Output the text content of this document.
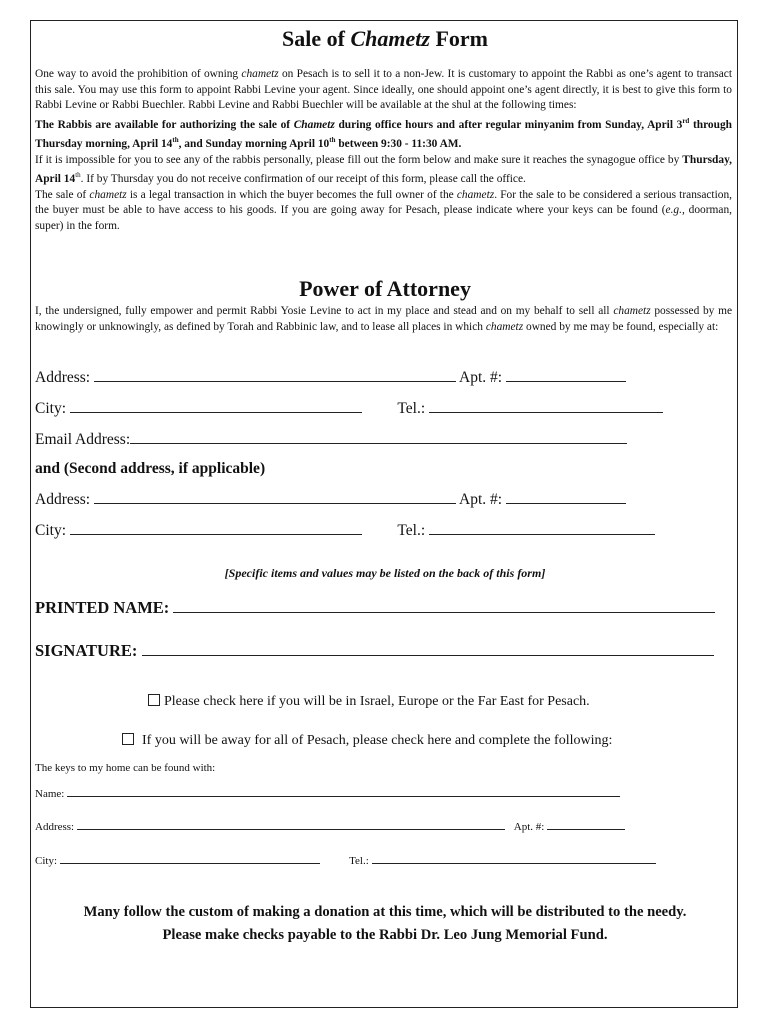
Sale of Chametz Form
One way to avoid the prohibition of owning chametz on Pesach is to sell it to a non-Jew. It is customary to appoint the Rabbi as one’s agent to transact this sale. You may use this form to appoint Rabbi Levine your agent. Since ideally, one should appoint one’s agent directly, it is best to give this form to Rabbi Levine or Rabbi Buechler. Rabbi Levine and Rabbi Buechler will be available at the shul at the following times:
The Rabbis are available for authorizing the sale of Chametz during office hours and after regular minyanim from Sunday, April 3rd through Thursday morning, April 14th, and Sunday morning April 10th between 9:30 - 11:30 AM.
If it is impossible for you to see any of the rabbis personally, please fill out the form below and make sure it reaches the synagogue office by Thursday, April 14th. If by Thursday you do not receive confirmation of our receipt of this form, please call the office.
The sale of chametz is a legal transaction in which the buyer becomes the full owner of the chametz. For the sale to be considered a serious transaction, the buyer must be able to have access to his goods. If you are going away for Pesach, please indicate where your keys can be found (e.g., doorman, super) in the form.
Power of Attorney
I, the undersigned, fully empower and permit Rabbi Yosie Levine to act in my place and stead and on my behalf to sell all chametz possessed by me knowingly or unknowingly, as defined by Torah and Rabbinic law, and to lease all places in which chametz owned by me may be found, especially at:
Address:	Apt. #:
City:	Tel.:
Email Address:
and (Second address, if applicable)
Address:	Apt. #:
City:	Tel.:
[Specific items and values may be listed on the back of this form]
PRINTED NAME:
SIGNATURE:
Please check here if you will be in Israel, Europe or the Far East for Pesach.
If you will be away for all of Pesach, please check here and complete the following:
The keys to my home can be found with:
Name:
Address:	Apt. #:
City:	Tel.:
Many follow the custom of making a donation at this time, which will be distributed to the needy.
Please make checks payable to the Rabbi Dr. Leo Jung Memorial Fund.
